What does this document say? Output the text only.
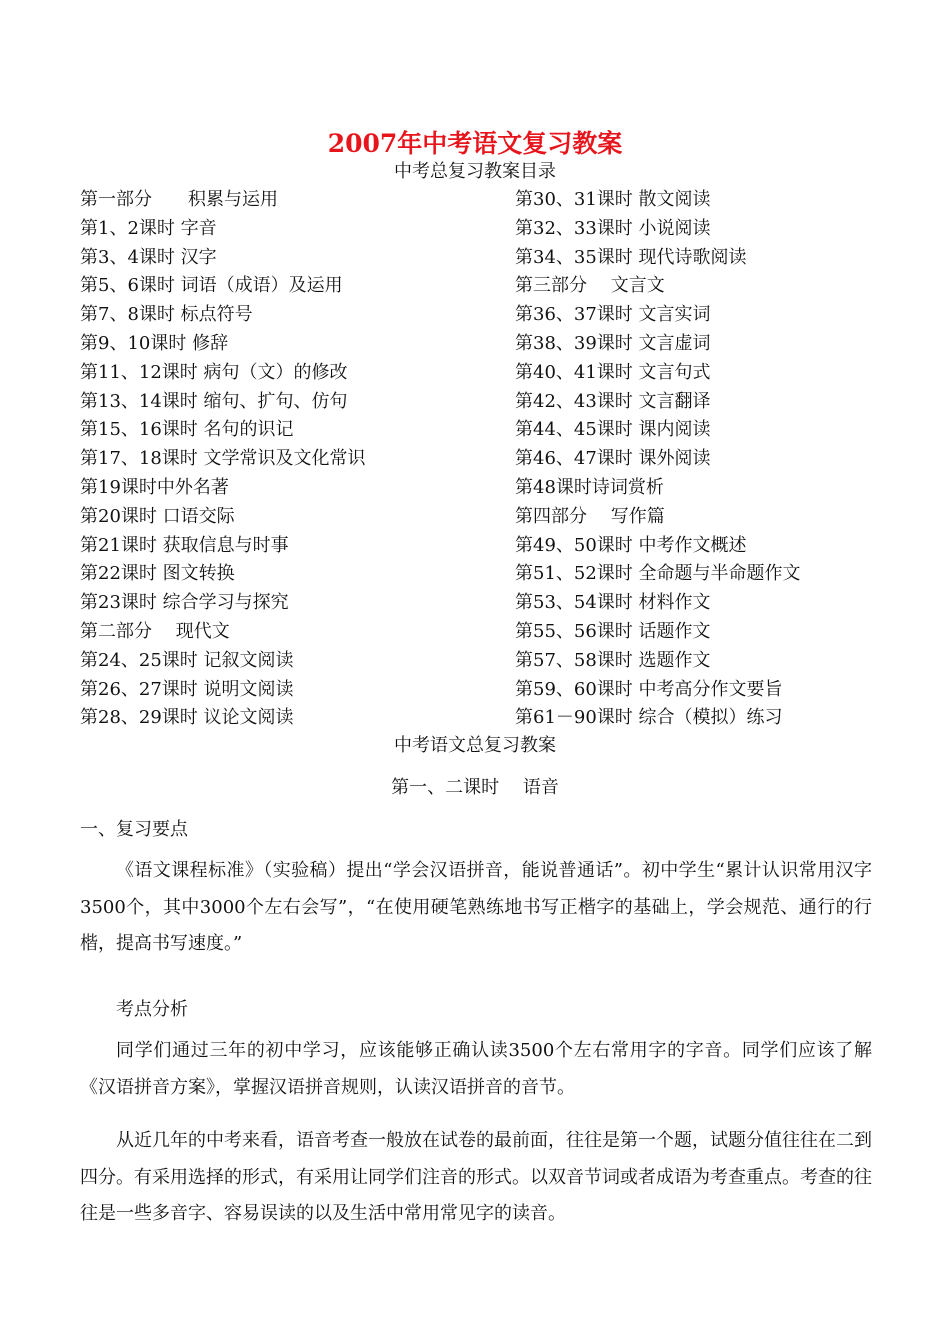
2007年中考语文复习教案
中考总复习教案目录
第一部分　　积累与运用
第1、2课时 字音
第3、4课时 汉字
第5、6课时 词语（成语）及运用
第7、8课时 标点符号
第9、10课时 修辞
第11、12课时 病句（文）的修改
第13、14课时 缩句、扩句、仿句
第15、16课时 名句的识记
第17、18课时 文学常识及文化常识
第19课时中外名著
第20课时 口语交际
第21课时 获取信息与时事
第22课时 图文转换
第23课时 综合学习与探究
第二部分　 现代文
第24、25课时 记叙文阅读
第26、27课时 说明文阅读
第28、29课时 议论文阅读
第30、31课时 散文阅读
第32、33课时 小说阅读
第34、35课时 现代诗歌阅读
第三部分　 文言文
第36、37课时 文言实词
第38、39课时 文言虚词
第40、41课时 文言句式
第42、43课时 文言翻译
第44、45课时 课内阅读
第46、47课时 课外阅读
第48课时诗词赏析
第四部分　 写作篇
第49、50课时 中考作文概述
第51、52课时 全命题与半命题作文
第53、54课时 材料作文
第55、56课时 话题作文
第57、58课时 选题作文
第59、60课时 中考高分作文要旨
第61－90课时 综合（模拟）练习
中考语文总复习教案
第一、二课时　 语音
一、复习要点

《语文课程标准》（实验稿）提出“学会汉语拼音，能说普通话”。初中学生“累计认识常用汉字3500个，其中3000个左右会写”，“在使用硬笔熟练地书写正楷字的基础上，学会规范、通行的行楷，提高书写速度。”

考点分析

同学们通过三年的初中学习，应该能够正确认读3500个左右常用字的字音。同学们应该了解《汉语拼音方案》，掌握汉语拼音规则，认读汉语拼音的音节。

从近几年的中考来看，语音考查一般放在试卷的最前面，往往是第一个题，试题分值往往在二到四分。有采用选择的形式，有采用让同学们注音的形式。以双音节词或者成语为考查重点。考查的往往是一些多音字、容易误读的以及生活中常用常见字的读音。
